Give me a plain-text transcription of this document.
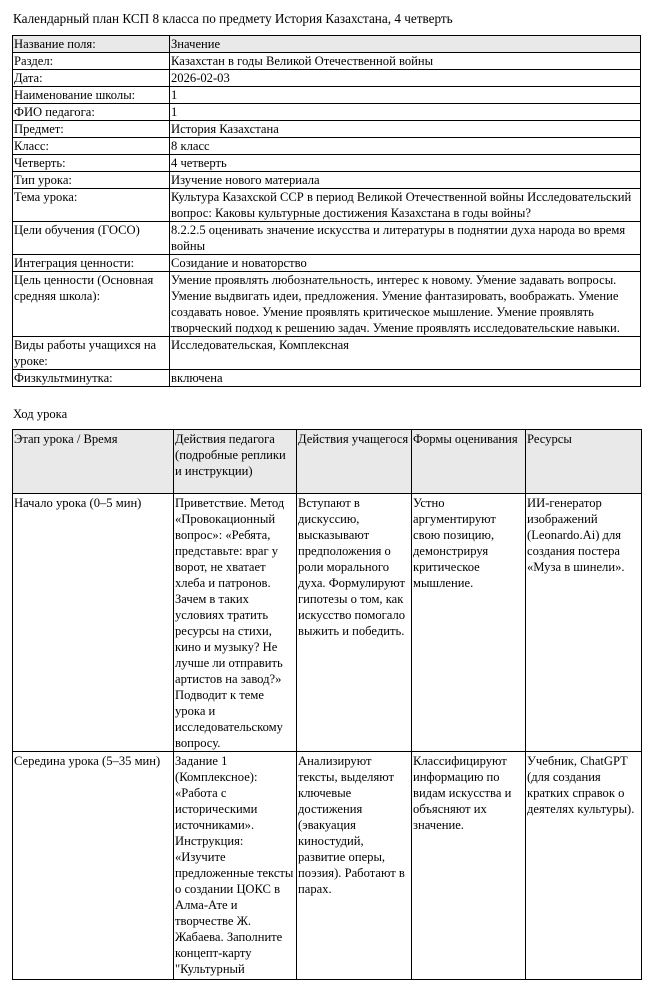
Календарный план КСП 8 класса по предмету История Казахстана, 4 четверть
Название поля:	Значение
Раздел:	Казахстан в годы Великой Отечественной войны
Дата:	2026-02-03
Наименование школы:	1
ФИО педагога:	1
Предмет:	История Казахстана
Класс:	8 класс
Четверть:	4 четверть
Тип урока:	Изучение нового материала
Тема урока:	Культура Казахской ССР в период Великой Отечественной войны Исследовательский вопрос: Каковы культурные достижения Казахстана в годы войны?
Цели обучения (ГОСО)	8.2.2.5 оценивать значение искусства и литературы в поднятии духа народа во время войны
Интеграция ценности:	Созидание и новаторство
Цель ценности (Основная средняя школа):	Умение проявлять любознательность, интерес к новому. Умение задавать вопросы. Умение выдвигать идеи, предложения. Умение фантазировать, воображать. Умение создавать новое. Умение проявлять критическое мышление. Умение проявлять творческий подход к решению задач. Умение проявлять исследовательские навыки.
Виды работы учащихся на уроке:	Исследовательская, Комплексная
Физкультминутка:	включена
Ход урока
Этап урока / Время	Действия педагога (подробные реплики и инструкции)	Действия учащегося	Формы оценивания	Ресурсы
Начало урока (0–5 мин)	Приветствие. Метод «Провокационный вопрос»: «Ребята, представьте: враг у ворот, не хватает хлеба и патронов. Зачем в таких условиях тратить ресурсы на стихи, кино и музыку? Не лучше ли отправить артистов на завод?» Подводит к теме урока и исследовательскому вопросу.	Вступают в дискуссию, высказывают предположения о роли морального духа. Формулируют гипотезы о том, как искусство помогало выжить и победить.	Устно аргументируют свою позицию, демонстрируя критическое мышление.	ИИ-генератор изображений (Leonardo.Ai) для создания постера «Муза в шинели».
Середина урока (5–35 мин)	Задание 1 (Комплексное): «Работа с историческими источниками». Инструкция: «Изучите предложенные тексты о создании ЦОКС в Алма-Ате и творчестве Ж. Жабаева. Заполните концепт-карту "Культурный	Анализируют тексты, выделяют ключевые достижения (эвакуация киностудий, развитие оперы, поэзия). Работают в парах.	Классифицируют информацию по видам искусства и объясняют их значение.	Учебник, ChatGPT (для создания кратких справок о деятелях культуры).
